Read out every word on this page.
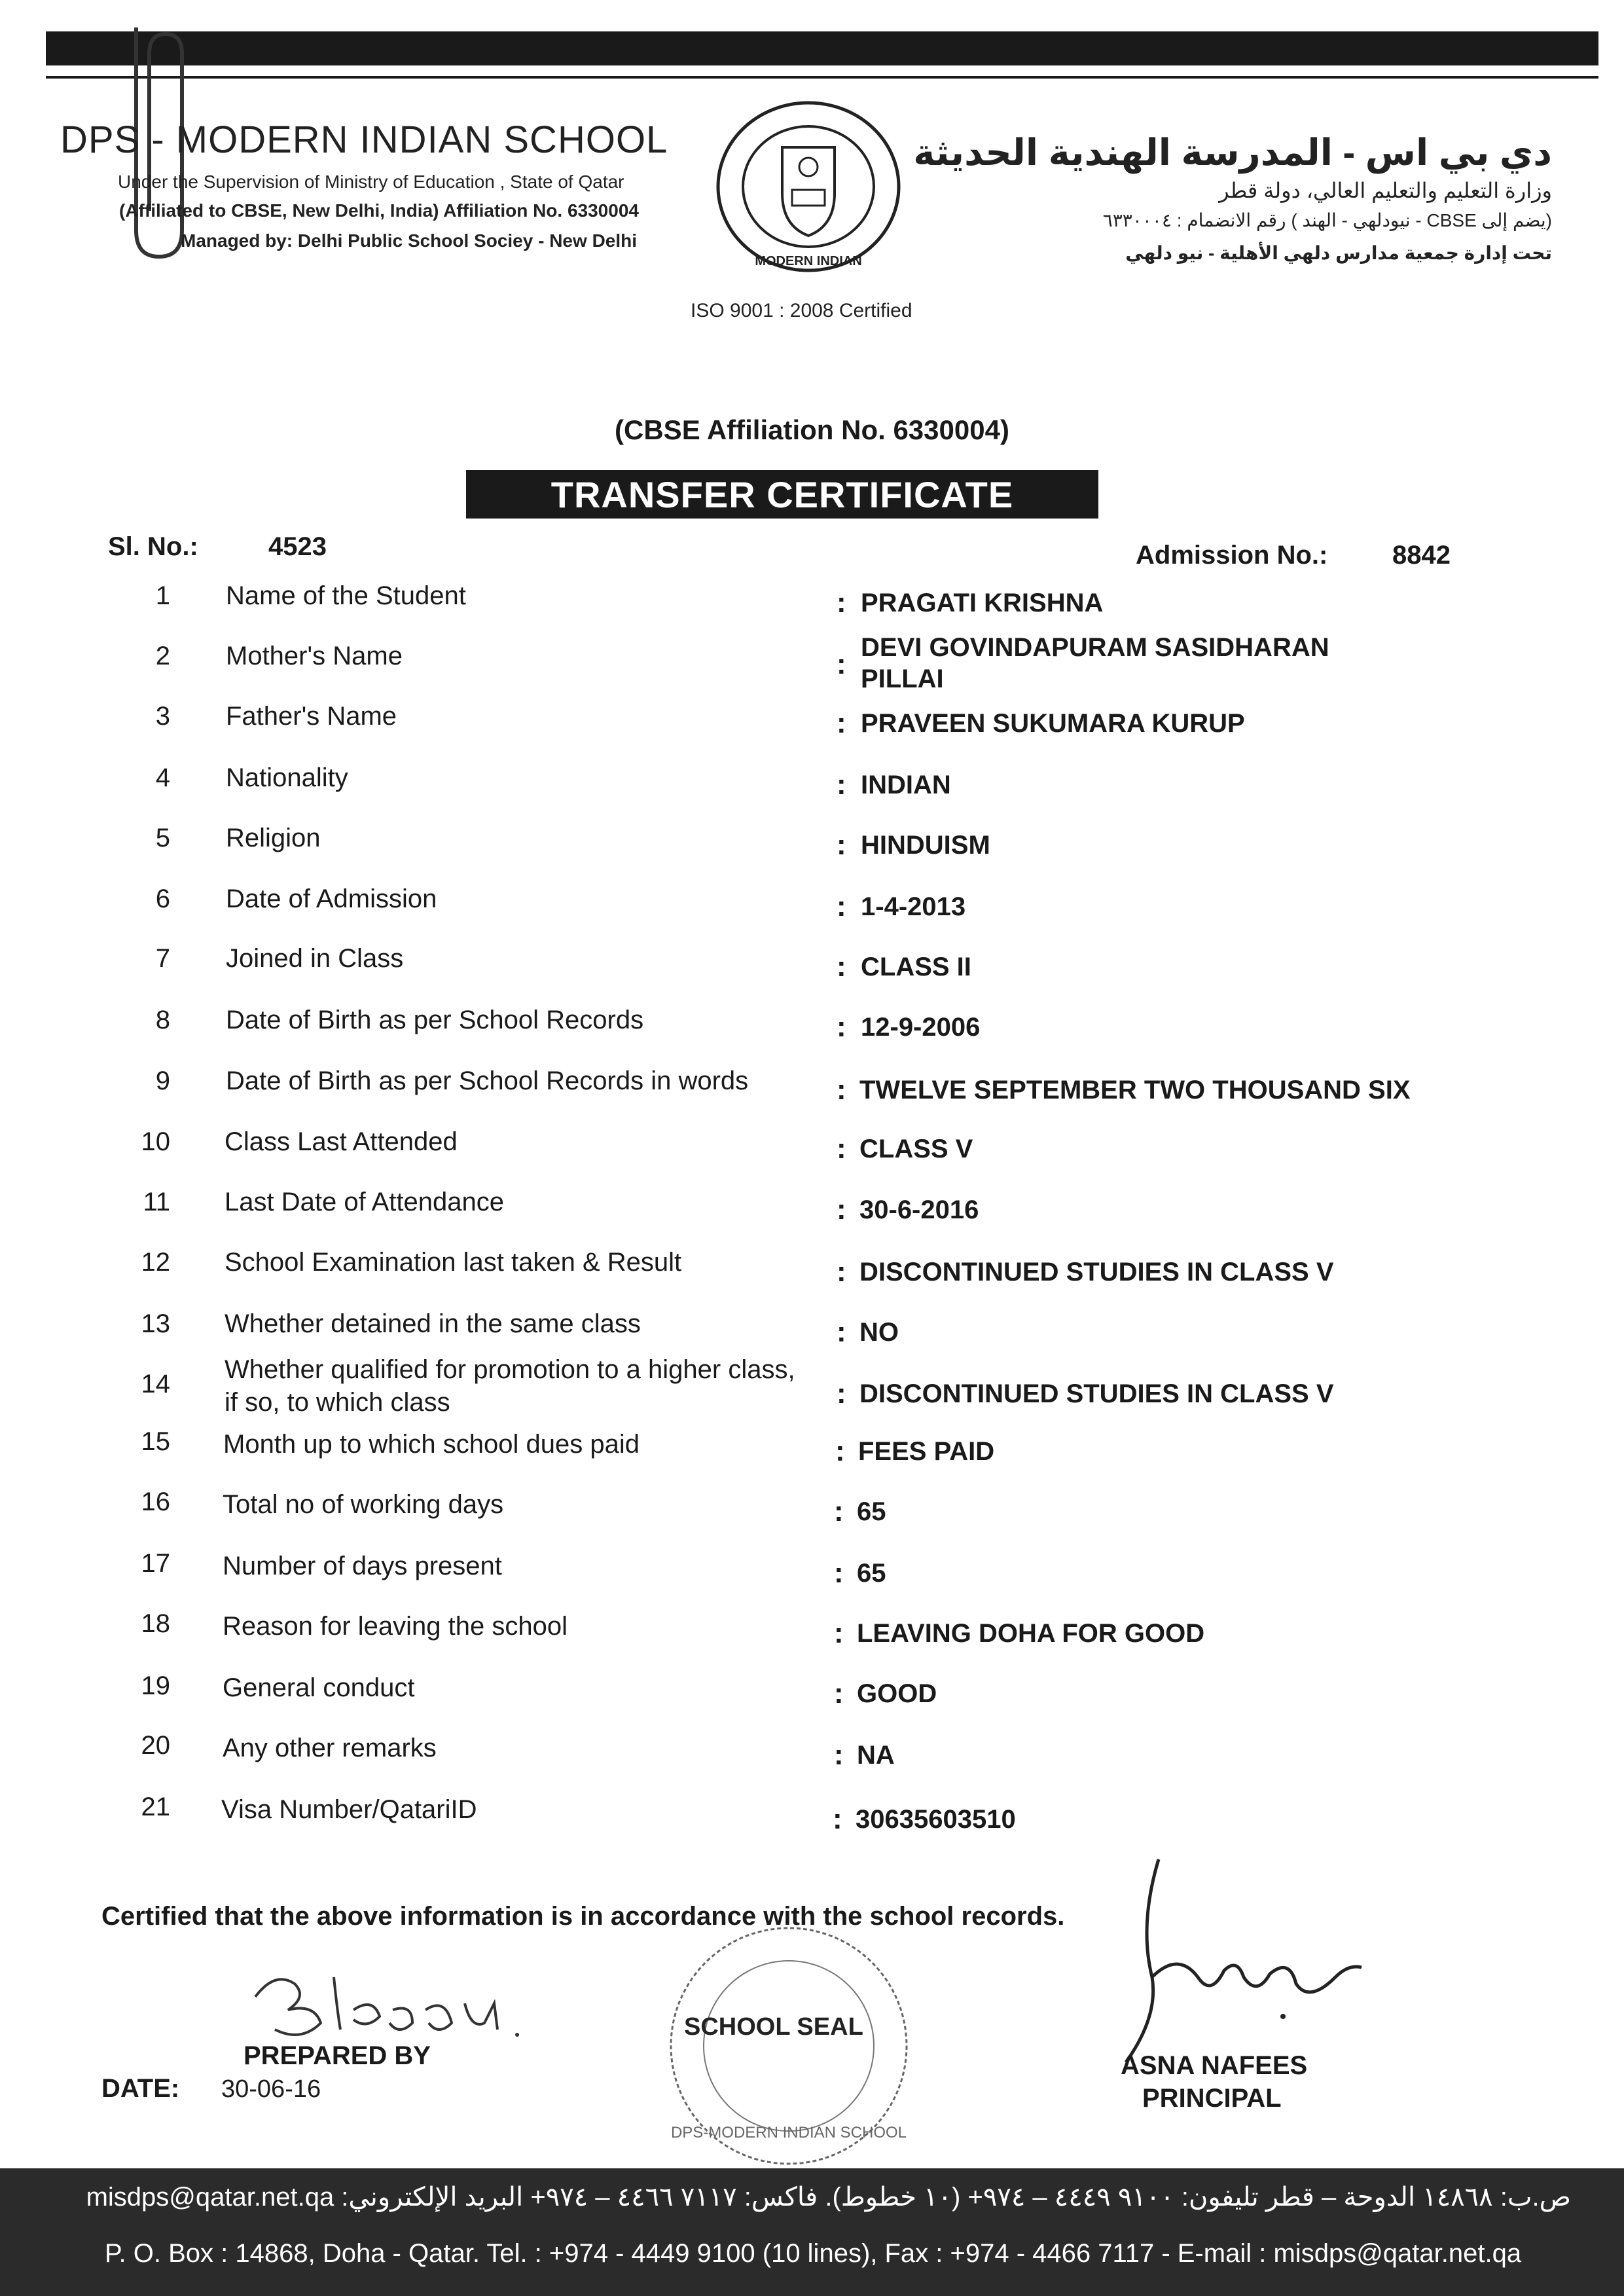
DPS - MODERN INDIAN SCHOOL
Under the Supervision of Ministry of Education , State of Qatar
(Affiliated to CBSE, New Delhi, India) Affiliation No. 6330004
Managed by: Delhi Public School Sociey - New Delhi
MODERN INDIAN
ISO 9001 : 2008 Certified
دي بي اس - المدرسة الهندية الحديثة
وزارة التعليم والتعليم العالي، دولة قطر
(يضم إلى CBSE - نيودلهي - الهند ) رقم الانضمام : ٦٣٣٠٠٠٤
تحت إدارة جمعية مدارس دلهي الأهلية - نيو دلهي
(CBSE Affiliation No. 6330004)
TRANSFER CERTIFICATE
Sl. No.:	4523	Admission No.: 8842
1 Name of the Student	: PRAGATI KRISHNA
2 Mother's Name	:
DEVI GOVINDAPURAM SASIDHARAN
PILLAI
3 Father's Name	: PRAVEEN SUKUMARA KURUP
4 Nationality	: INDIAN
5 Religion	: HINDUISM
6 Date of Admission	: 1-4-2013
7 Joined in Class	: CLASS II
8 Date of Birth as per School Records	: 12-9-2006
9 Date of Birth as per School Records in words	: TWELVE SEPTEMBER TWO THOUSAND SIX
10 Class Last Attended	: CLASS V
11 Last Date of Attendance	: 30-6-2016
12 School Examination last taken & Result	: DISCONTINUED STUDIES IN CLASS V
13 Whether detained in the same class	: NO
14 Whether qualified for promotion to a higher class,
if so, to which class	: DISCONTINUED STUDIES IN CLASS V
15 Month up to which school dues paid	: FEES PAID
16 Total no of working days	: 65
17 Number of days present	: 65
18 Reason for leaving the school	: LEAVING DOHA FOR GOOD
19 General conduct	: GOOD
20 Any other remarks	: NA
21 Visa Number/QatariID	: 30635603510
Certified that the above information is in accordance with the school records.
PREPARED BY
DATE: 30-06-16
DPS-MODERN INDIAN SCHOOL
SCHOOL SEAL
ASNA NAFEES
PRINCIPAL
ص.ب: ١٤٨٦٨ الدوحة – قطر تليفون: ٩١٠٠ ٤٤٤٩ – ٩٧٤+ (١٠ خطوط). فاكس: ٧١١٧ ٤٤٦٦ – ٩٧٤+ البريد الإلكتروني: misdps@qatar.net.qa
P. O. Box : 14868, Doha - Qatar. Tel. : +974 - 4449 9100 (10 lines), Fax : +974 - 4466 7117 - E-mail : misdps@qatar.net.qa
